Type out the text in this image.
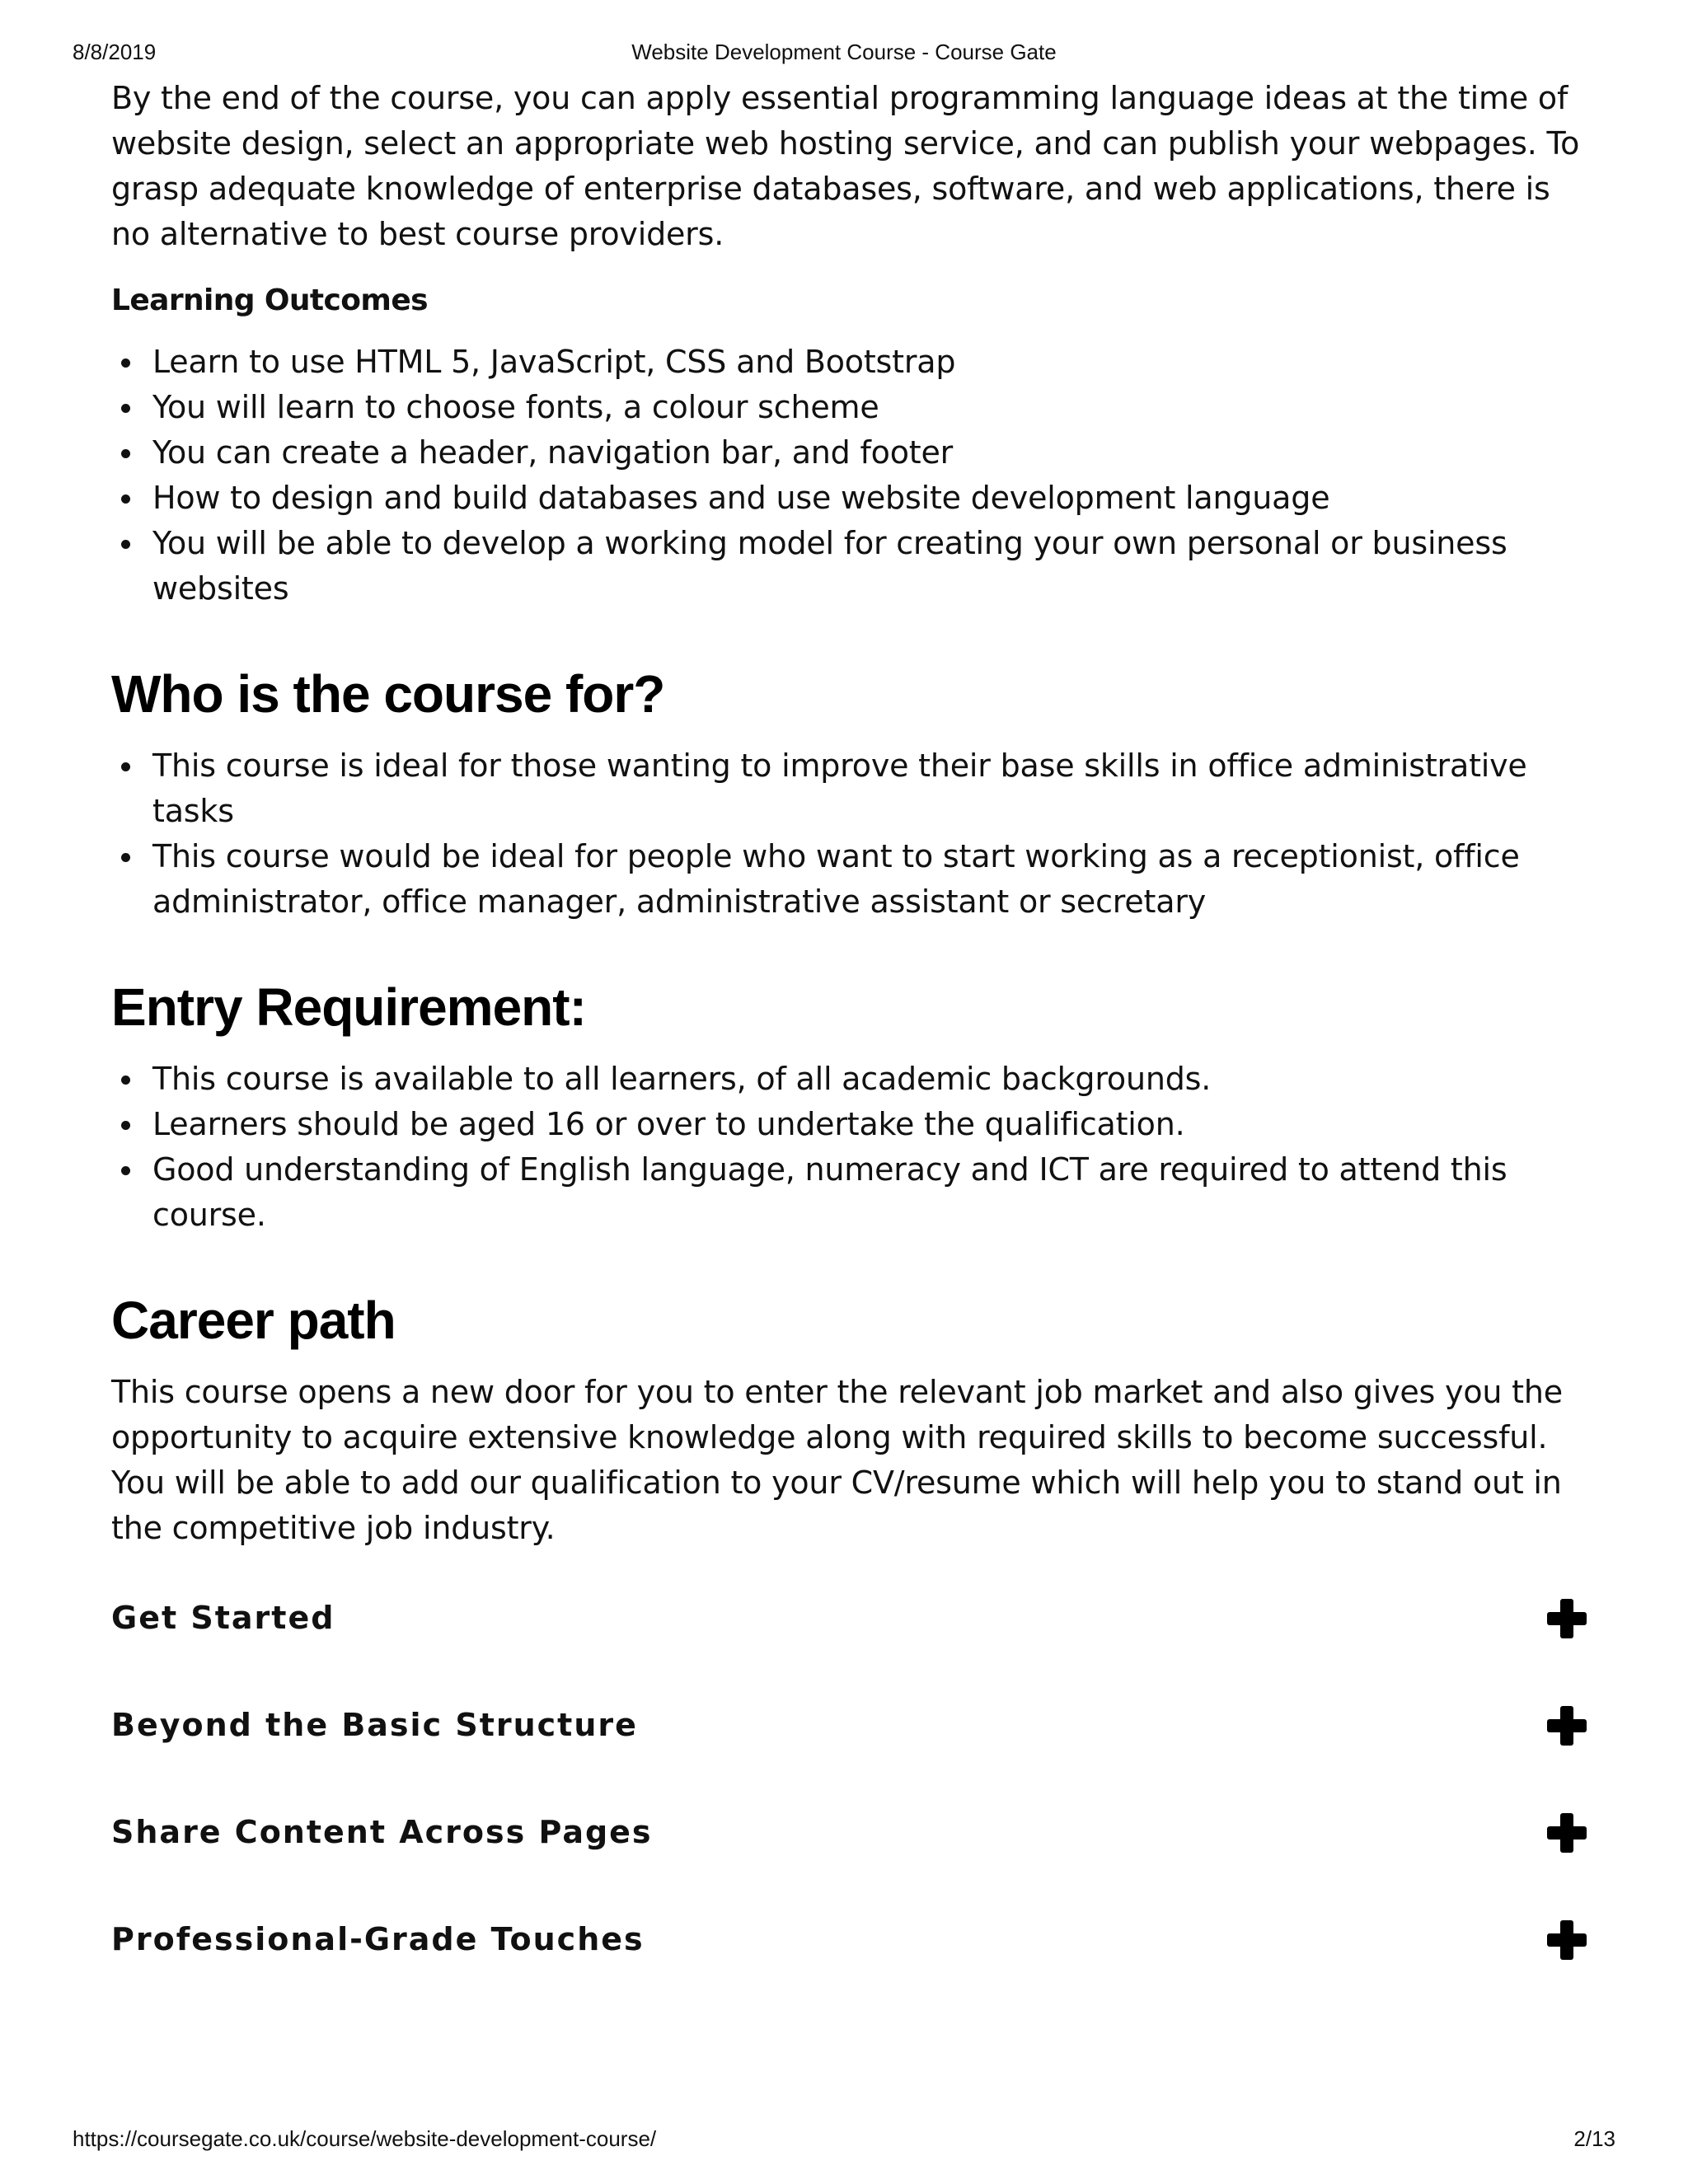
8/8/2019	Website Development Course - Course Gate

By the end of the course, you can apply essential programming language ideas at the time of website design, select an appropriate web hosting service, and can publish your webpages. To grasp adequate knowledge of enterprise databases, software, and web applications, there is no alternative to best course providers.

Learning Outcomes
Learn to use HTML 5, JavaScript, CSS and Bootstrap
You will learn to choose fonts, a colour scheme
You can create a header, navigation bar, and footer
How to design and build databases and use website development language
You will be able to develop a working model for creating your own personal or business websites
Who is the course for?
This course is ideal for those wanting to improve their base skills in office administrative tasks
This course would be ideal for people who want to start working as a receptionist, office administrator, office manager, administrative assistant or secretary
Entry Requirement:
This course is available to all learners, of all academic backgrounds.
Learners should be aged 16 or over to undertake the qualification.
Good understanding of English language, numeracy and ICT are required to attend this course.
Career path

This course opens a new door for you to enter the relevant job market and also gives you the opportunity to acquire extensive knowledge along with required skills to become successful. You will be able to add our qualification to your CV/resume which will help you to stand out in the competitive job industry.

Get Started
Beyond the Basic Structure
Share Content Across Pages
Professional-Grade Touches
https://coursegate.co.uk/course/website-development-course/	2/13
